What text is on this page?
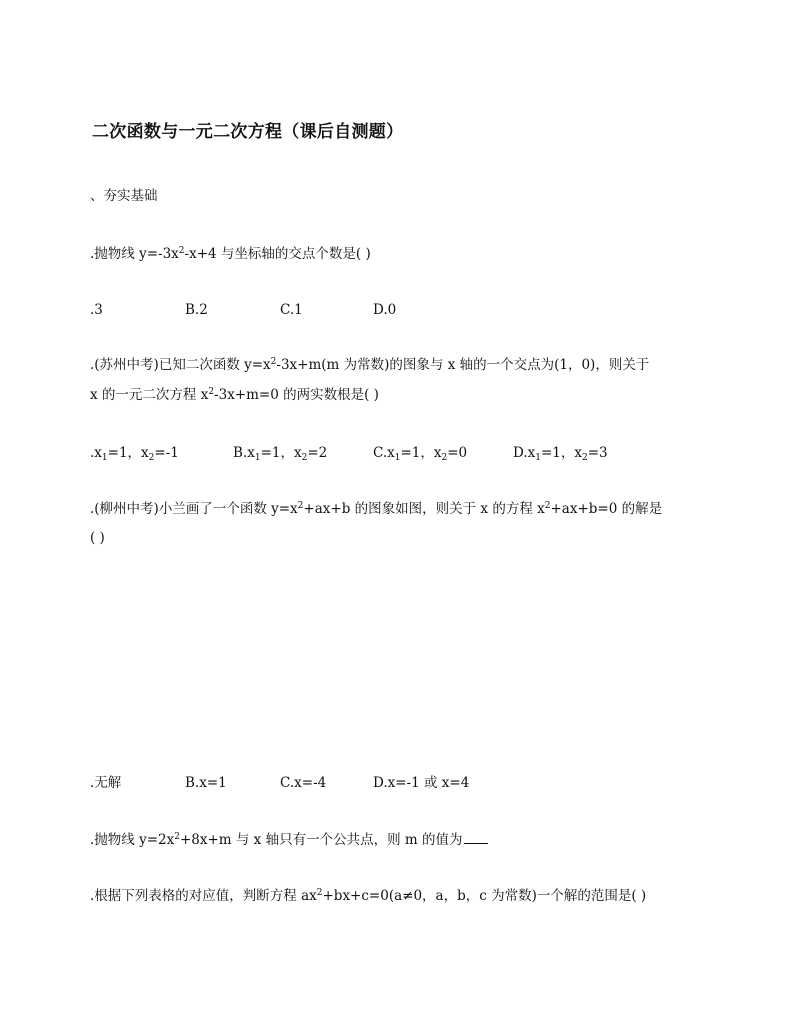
二次函数与一元二次方程（课后自测题）
、夯实基础
.抛物线 $y=-3x^2-x+4$ 与坐标轴的交点个数是( )
.3	B.2	C.1	D.0
.(苏州中考)已知二次函数 $y=x^2-3x+m(m$ 为常数)的图象与 x 轴的一个交点为(1，0)，则关于
x 的一元二次方程 $x^2-3x+m=0$ 的两实数根是( )
$.x_1=1$，$x_2=-1$	$B.x_1=1$，$x_2=2$	$C.x_1=1$，$x_2=0$	$D.x_1=1$，$x_2=3$
.(柳州中考)小兰画了一个函数 $y=x^2+ax+b$ 的图象如图，则关于 x 的方程 $x^2+ax+b=0$ 的解是
( )
.无解	B.x=1	C.x=-4	D.x=-1 或 x=4
.抛物线 $y=2x^2+8x+m$ 与 x 轴只有一个公共点，则 m 的值为
.根据下列表格的对应值，判断方程 $ax^2+bx+c=0(a\ne 0$，a，b，c 为常数)一个解的范围是( )
